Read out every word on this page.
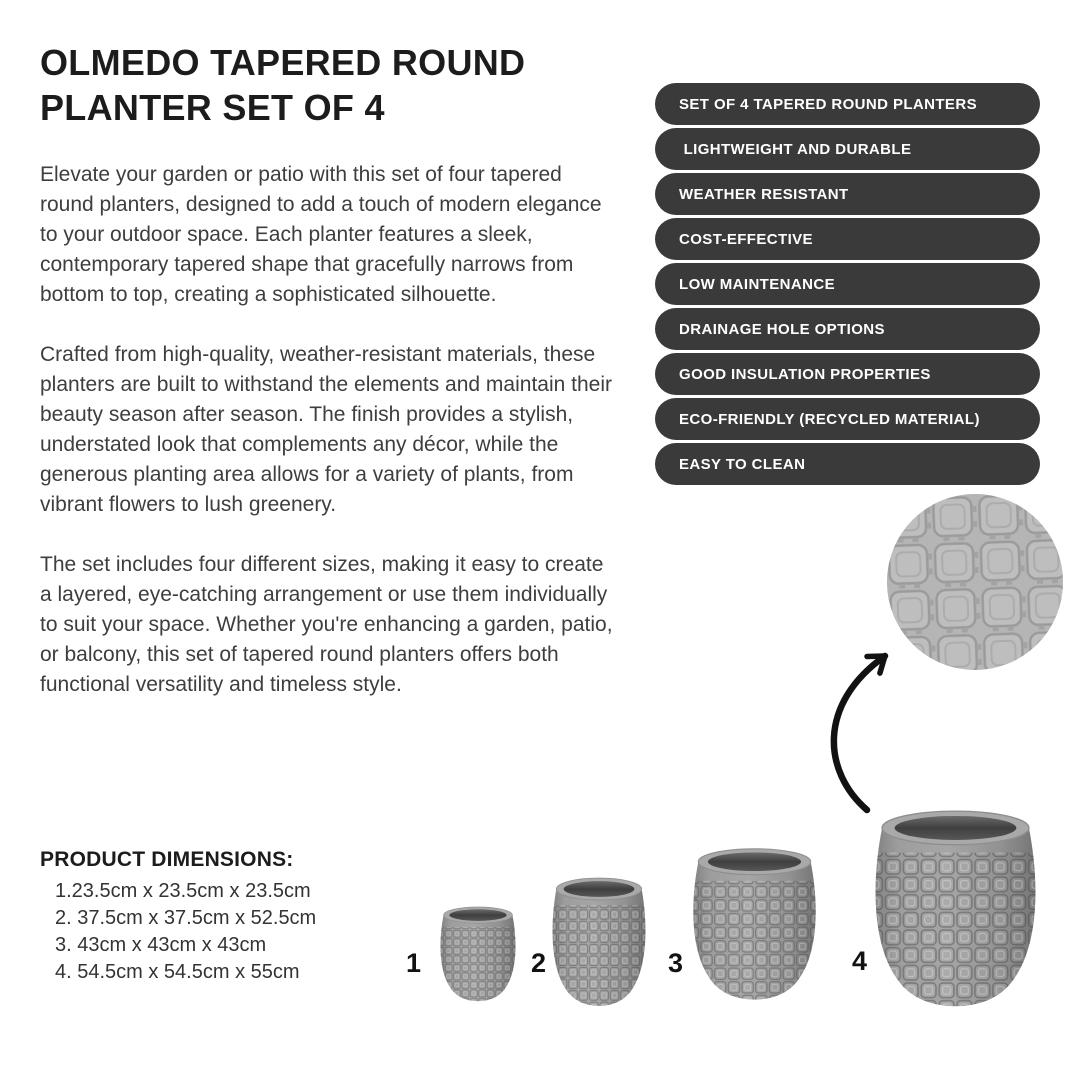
OLMEDO TAPERED ROUND
PLANTER SET OF 4

Elevate your garden or patio with this set of four tapered round planters, designed to add a touch of modern elegance to your outdoor space. Each planter features a sleek, contemporary tapered shape that gracefully narrows from bottom to top, creating a sophisticated silhouette.

Crafted from high-quality, weather-resistant materials, these planters are built to withstand the elements and maintain their beauty season after season. The finish provides a stylish, understated look that complements any décor, while the generous planting area allows for a variety of plants, from vibrant flowers to lush greenery.

The set includes four different sizes, making it easy to create a layered, eye-catching arrangement or use them individually to suit your space. Whether you're enhancing a garden, patio, or balcony, this set of tapered round planters offers both functional versatility and timeless style.

SET OF 4 TAPERED ROUND PLANTERS
LIGHTWEIGHT AND DURABLE
WEATHER RESISTANT
COST-EFFECTIVE
LOW MAINTENANCE
DRAINAGE HOLE OPTIONS
GOOD INSULATION PROPERTIES
ECO-FRIENDLY (RECYCLED MATERIAL)
EASY TO CLEAN
PRODUCT DIMENSIONS:
1.23.5cm x 23.5cm x 23.5cm
2. 37.5cm x 37.5cm x 52.5cm
3. 43cm x 43cm x 43cm
4. 54.5cm x 54.5cm x 55cm	1	2	3	4
